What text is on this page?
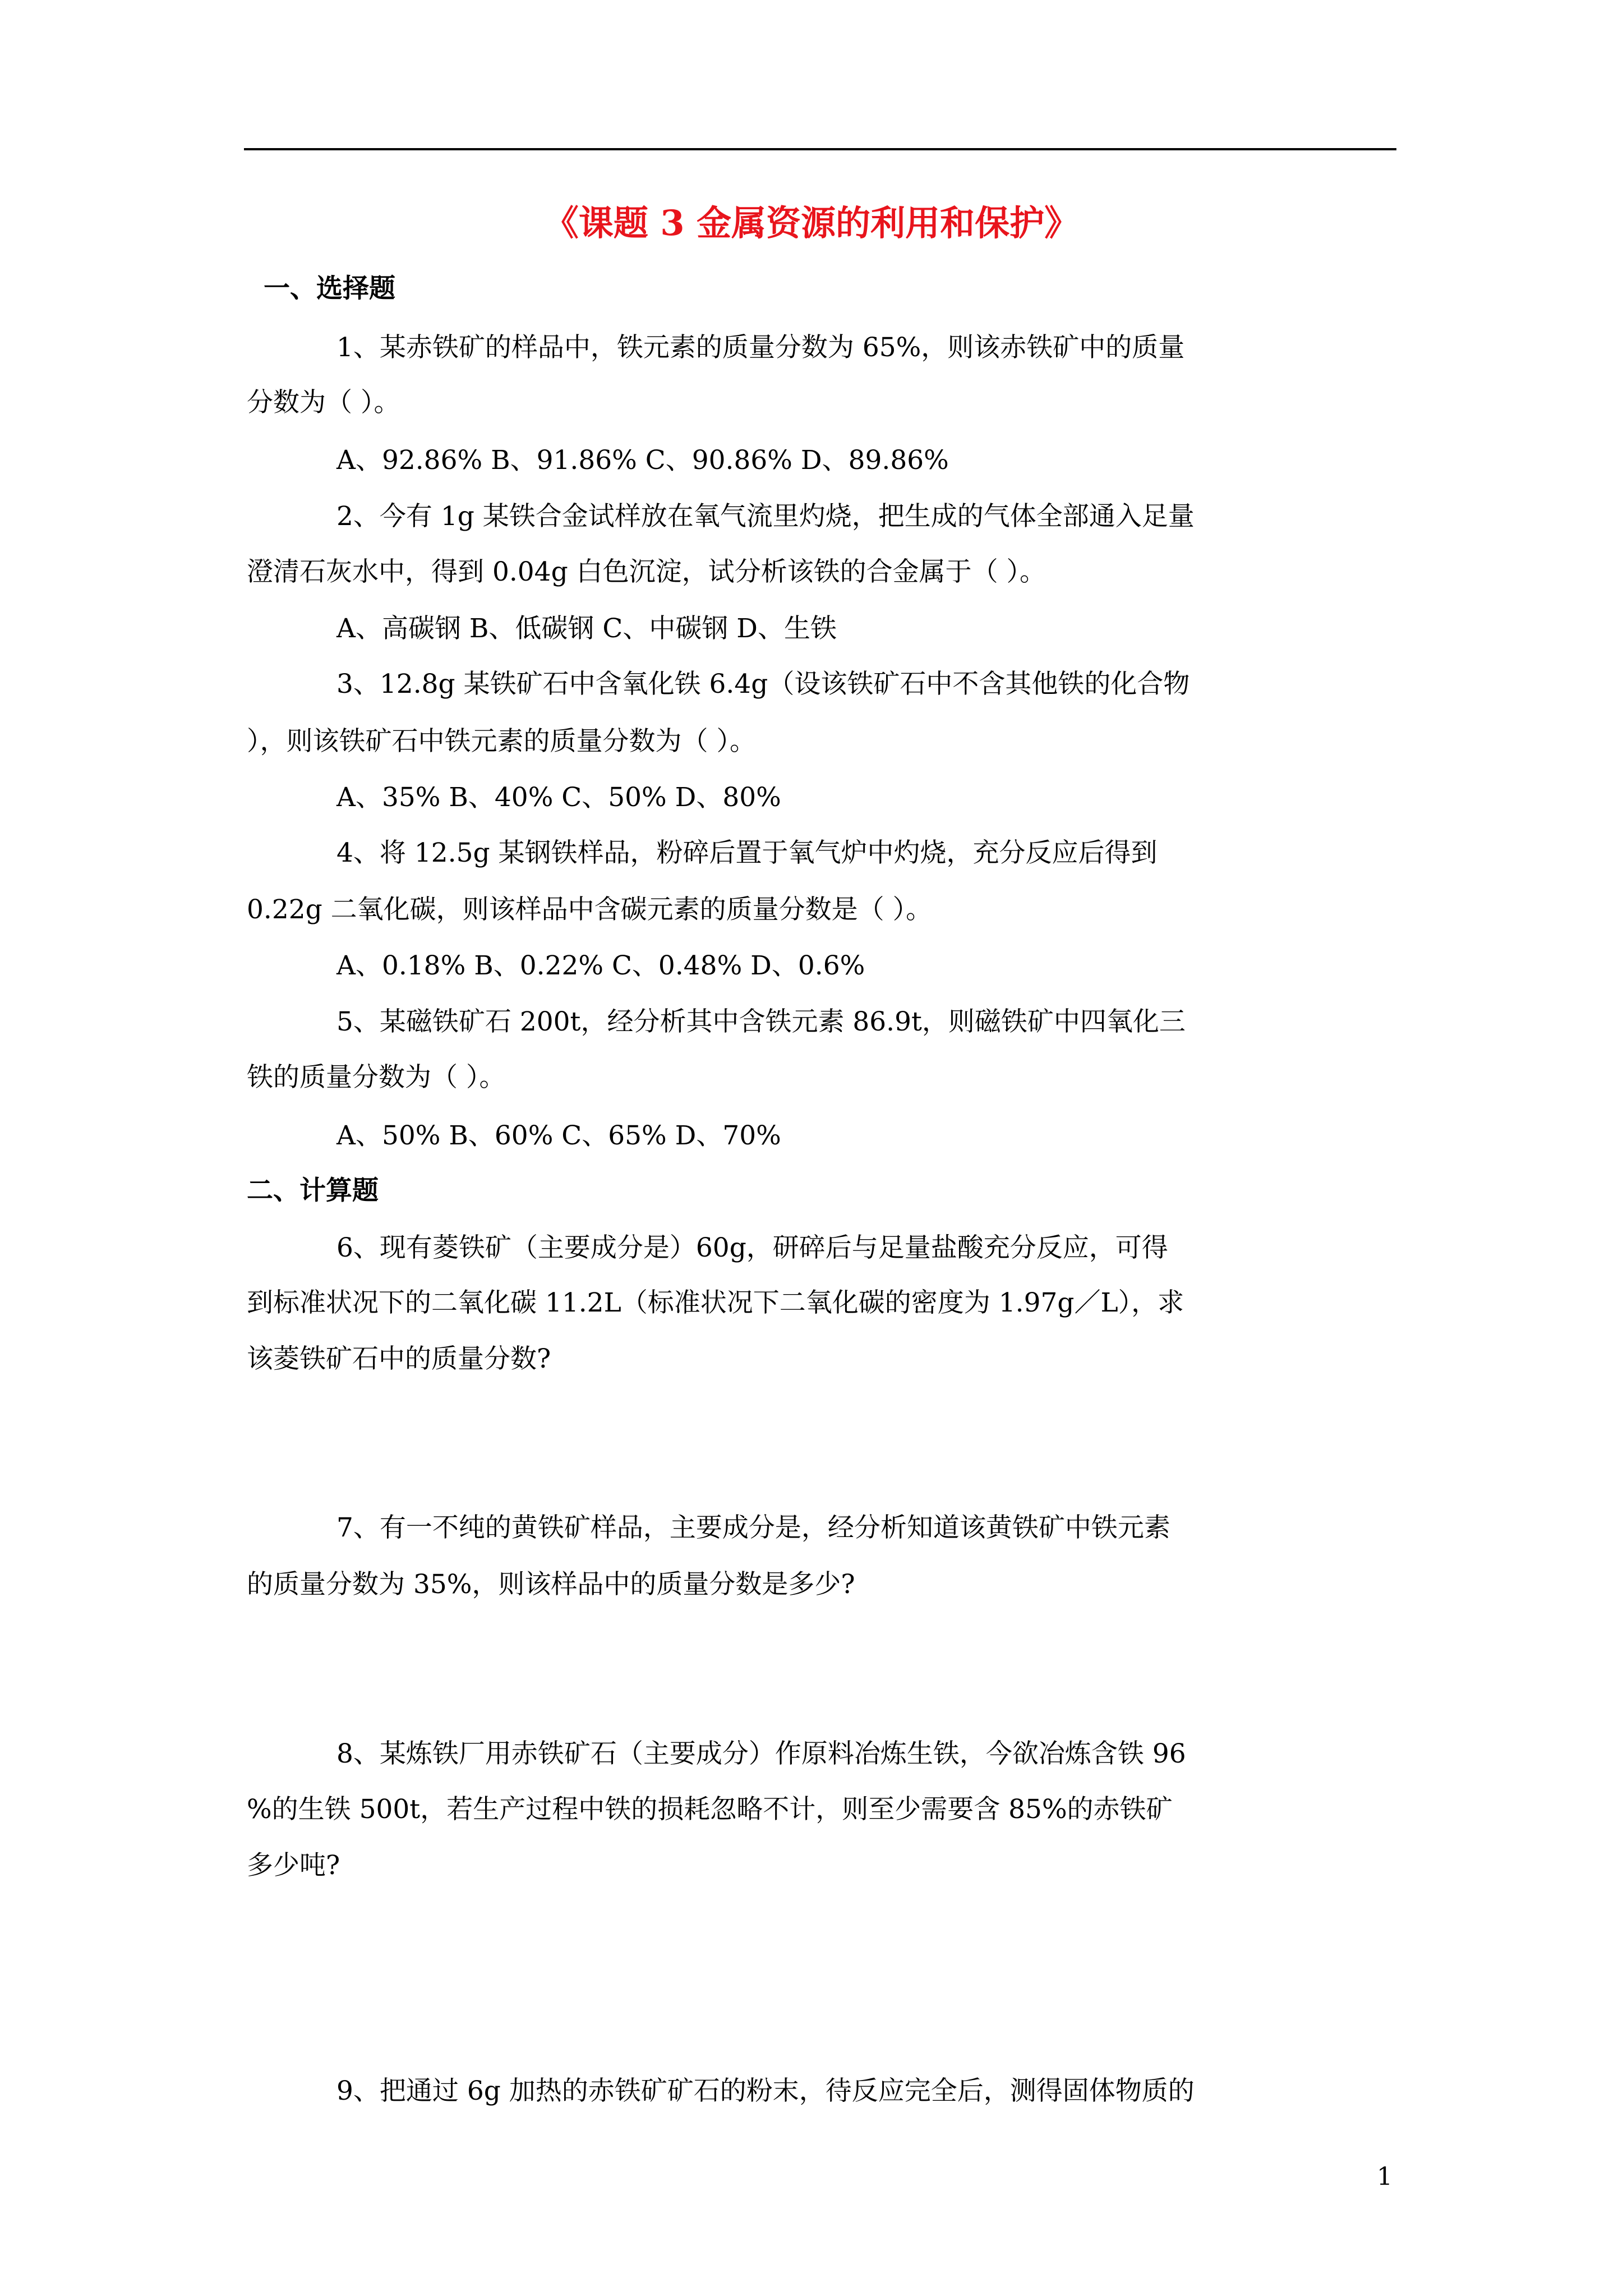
《课题 3 金属资源的利用和保护》
一、选择题
1、某赤铁矿的样品中，铁元素的质量分数为 65%，则该赤铁矿中的质量
分数为（ ）。
A、92.86% B、91.86% C、90.86% D、89.86%
2、今有 1g 某铁合金试样放在氧气流里灼烧，把生成的气体全部通入足量
澄清石灰水中，得到 0.04g 白色沉淀，试分析该铁的合金属于（ ）。
A、高碳钢 B、低碳钢 C、中碳钢 D、生铁
3、12.8g 某铁矿石中含氧化铁 6.4g（设该铁矿石中不含其他铁的化合物
），则该铁矿石中铁元素的质量分数为（ ）。
A、35% B、40% C、50% D、80%
4、将 12.5g 某钢铁样品，粉碎后置于氧气炉中灼烧，充分反应后得到
0.22g 二氧化碳，则该样品中含碳元素的质量分数是（ ）。
A、0.18% B、0.22% C、0.48% D、0.6%
5、某磁铁矿石 200t，经分析其中含铁元素 86.9t，则磁铁矿中四氧化三
铁的质量分数为（ ）。
A、50% B、60% C、65% D、70%
二、计算题
6、现有菱铁矿（主要成分是）60g，研碎后与足量盐酸充分反应，可得
到标准状况下的二氧化碳 11.2L（标准状况下二氧化碳的密度为 1.97g／L），求
该菱铁矿石中的质量分数?
7、有一不纯的黄铁矿样品，主要成分是，经分析知道该黄铁矿中铁元素
的质量分数为 35%，则该样品中的质量分数是多少?
8、某炼铁厂用赤铁矿石（主要成分）作原料冶炼生铁，今欲冶炼含铁 96
%的生铁 500t，若生产过程中铁的损耗忽略不计，则至少需要含 85%的赤铁矿
多少吨?
9、把通过 6g 加热的赤铁矿矿石的粉末，待反应完全后，测得固体物质的
1
